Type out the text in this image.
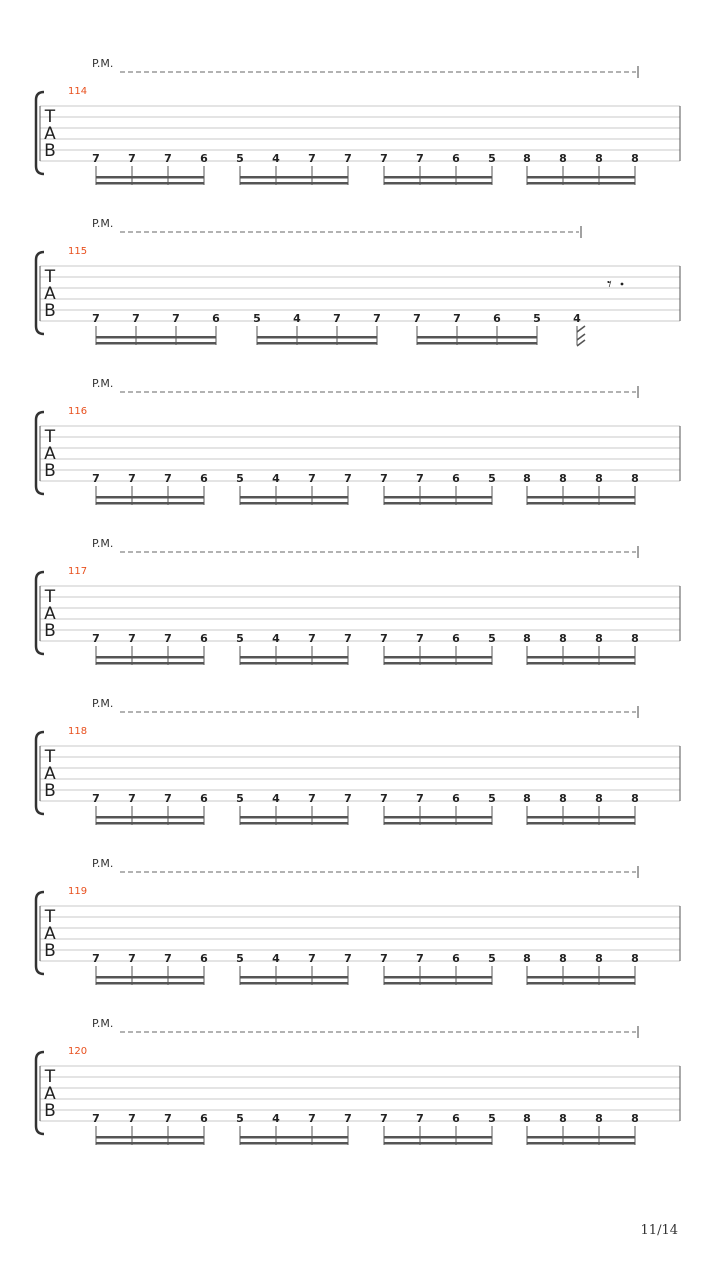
P.M.
114
T
A
B	7	7	7	6	5	4	7	7	7	7	6	5 8	8	8	8
P.M.
115
T
A
B	7	7	7	6	5	4	7	7	7	7	6	5	4
𝄾
P.M.
116
T
A
B	7	7	7	6	5	4	7	7	7	7	6	5 8	8	8	8
P.M.
117
T
A
B	7	7	7	6	5	4	7	7	7	7	6	5 8	8	8	8
P.M.
118
T
A
B	7	7	7	6	5	4	7	7	7	7	6	5 8	8	8	8
P.M.
119
T
A
B	7	7	7	6	5	4	7	7	7	7	6	5 8	8	8	8
P.M.
120
T
A
B	7	7	7	6	5	4	7	7	7	7	6	5 8	8	8	8
11/14
